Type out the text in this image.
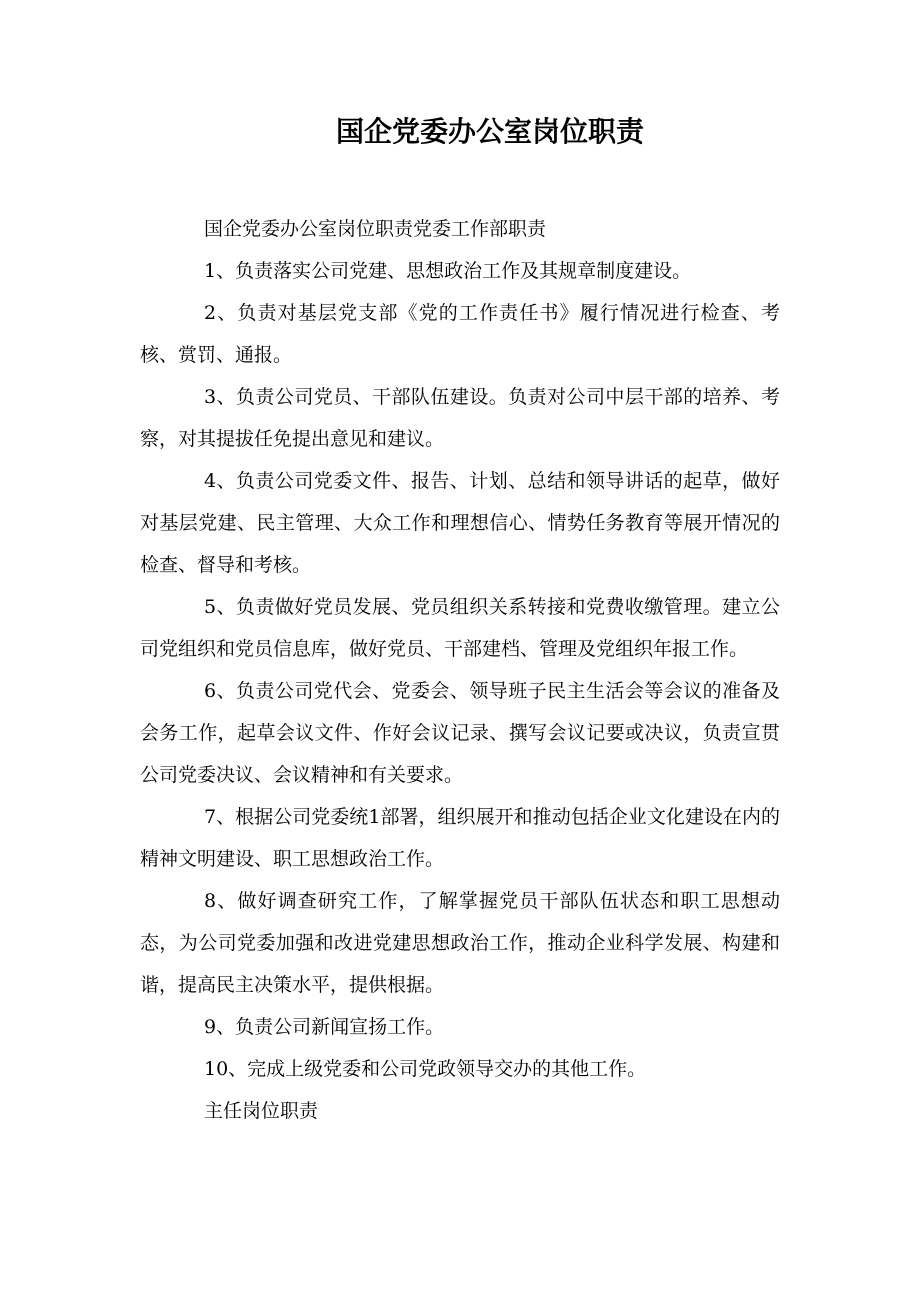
国企党委办公室岗位职责

国企党委办公室岗位职责党委工作部职责

1、负责落实公司党建、思想政治工作及其规章制度建设。

2、负责对基层党支部《党的工作责任书》履行情况进行检查、考核、赏罚、通报。

3、负责公司党员、干部队伍建设。负责对公司中层干部的培养、考察，对其提拔任免提出意见和建议。

4、负责公司党委文件、报告、计划、总结和领导讲话的起草，做好对基层党建、民主管理、大众工作和理想信心、情势任务教育等展开情况的检查、督导和考核。

5、负责做好党员发展、党员组织关系转接和党费收缴管理。建立公司党组织和党员信息库，做好党员、干部建档、管理及党组织年报工作。

6、负责公司党代会、党委会、领导班子民主生活会等会议的准备及会务工作，起草会议文件、作好会议记录、撰写会议记要或决议，负责宣贯公司党委决议、会议精神和有关要求。

7、根据公司党委统1部署，组织展开和推动包括企业文化建设在内的精神文明建设、职工思想政治工作。

8、做好调查研究工作，了解掌握党员干部队伍状态和职工思想动态，为公司党委加强和改进党建思想政治工作，推动企业科学发展、构建和谐，提高民主决策水平，提供根据。

9、负责公司新闻宣扬工作。

10、完成上级党委和公司党政领导交办的其他工作。

主任岗位职责
